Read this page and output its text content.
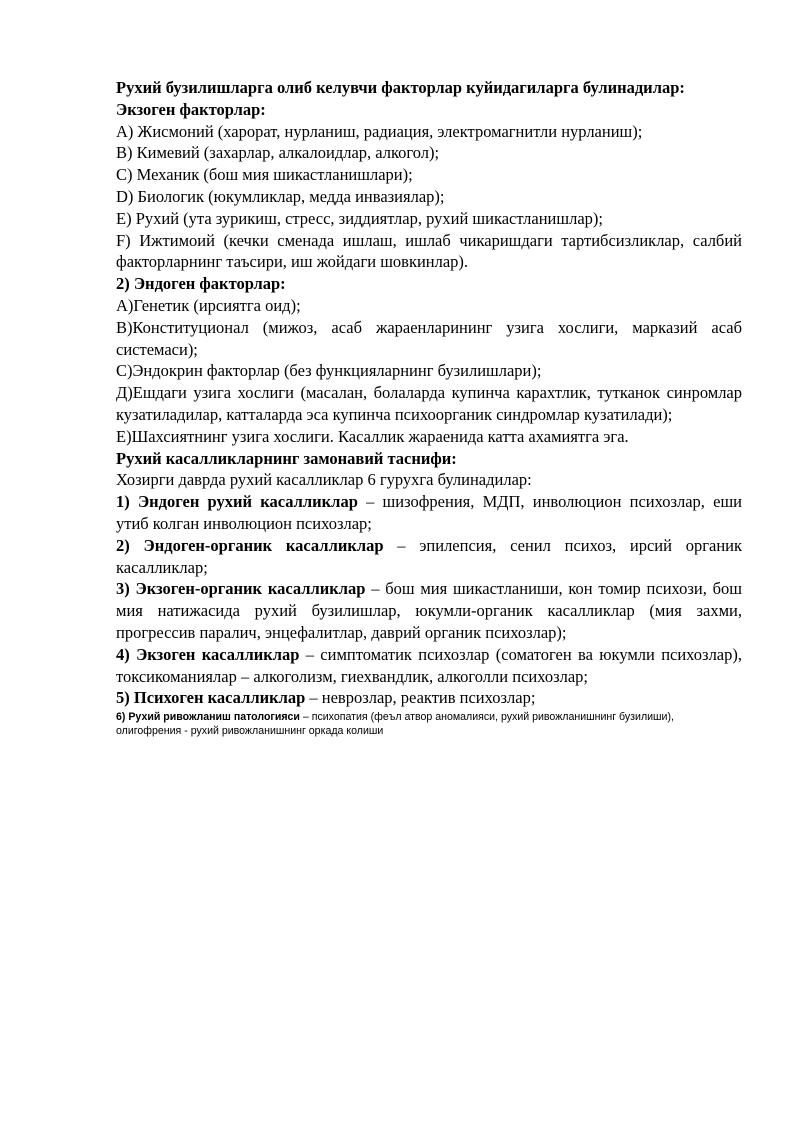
Рухий бузилишларга олиб келувчи факторлар куйидагиларга булинадилар:

Экзоген факторлар:

A) Жисмоний (харорат, нурланиш, радиация, электромагнитли нурланиш);

B) Кимевий (захарлар, алкалоидлар, алкогол);

C) Механик (бош мия шикастланишлари);

D) Биологик (юкумликлар, медда инвазиялар);

E) Рухий (ута зурикиш, стресс, зиддиятлар, рухий шикастланишлар);

F) Ижтимоий (кечки сменада ишлаш, ишлаб чикаришдаги тартибсизликлар, салбий факторларнинг таъсири, иш жойдаги шовкинлар).

2) Эндоген факторлар:

А)Генетик (ирсиятга оид);

В)Конституционал (мижоз, асаб жараенларининг узига хослиги, марказий асаб системаси);

С)Эндокрин факторлар (без функцияларнинг бузилишлари);

Д)Ешдаги узига хослиги (масалан, болаларда купинча карахтлик, тутканок синромлар кузатиладилар, катталарда эса купинча психоорганик синдромлар кузатилади);

Е)Шахсиятнинг узига хослиги. Касаллик жараенида катта ахамиятга эга.

Рухий касалликларнинг замонавий таснифи:

Хозирги даврда рухий касалликлар 6 гурухга булинадилар:

1) Эндоген рухий касалликлар – шизофрения, МДП, инволюцион психозлар, еши утиб колган инволюцион психозлар;

2) Эндоген-органик касалликлар – эпилепсия, сенил психоз, ирсий органик касалликлар;

3) Экзоген-органик касалликлар – бош мия шикастланиши, кон томир психози, бош мия натижасида рухий бузилишлар, юкумли-органик касалликлар (мия захми, прогрессив паралич, энцефалитлар, даврий органик психозлар);

4) Экзоген касалликлар – симптоматик психозлар (соматоген ва юкумли психозлар), токсикоманиялар – алкоголизм, гиехвандлик, алкоголли психозлар;

5) Психоген касалликлар – неврозлар, реактив психозлар;

6) Рухий ривожланиш патологияси – психопатия (феъл атвор аномалияси, рухий ривожланишнинг бузилиши), олигофрения - рухий ривожланишнинг оркада колиши
